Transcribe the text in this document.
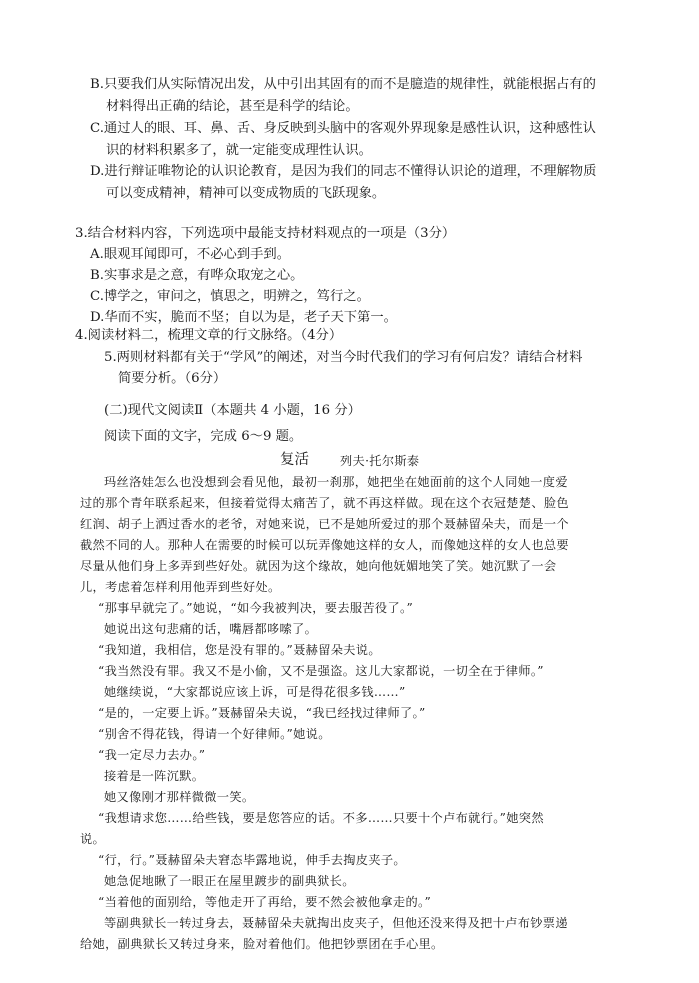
B.只要我们从实际情况出发，从中引出其固有的而不是臆造的规律性，就能根据占有的
材料得出正确的结论，甚至是科学的结论。
C.通过人的眼、耳、鼻、舌、身反映到头脑中的客观外界现象是感性认识，这种感性认
识的材料积累多了，就一定能变成理性认识。
D.进行辩证唯物论的认识论教育，是因为我们的同志不懂得认识论的道理，不理解物质
可以变成精神，精神可以变成物质的飞跃现象。
3.结合材料内容，下列选项中最能支持材料观点的一项是（3分）
A.眼观耳闻即可，不必心到手到。
B.实事求是之意，有哗众取宠之心。
C.博学之，审问之，慎思之，明辨之，笃行之。
D.华而不实，脆而不坚；自以为是，老子天下第一。
4.阅读材料二，梳理文章的行文脉络。（4分）
5.两则材料都有关于“学风”的阐述，对当今时代我们的学习有何启发？请结合材料
简要分析。（6分）
(二)现代文阅读Ⅱ（本题共 4 小题，16 分）
阅读下面的文字，完成 6～9 题。
复活	列夫·托尔斯泰
玛丝洛娃怎么也没想到会看见他，最初一刹那，她把坐在她面前的这个人同她一度爱
过的那个青年联系起来，但接着觉得太痛苦了，就不再这样做。现在这个衣冠楚楚、脸色
红润、胡子上洒过香水的老爷，对她来说，已不是她所爱过的那个聂赫留朵夫，而是一个
截然不同的人。那种人在需要的时候可以玩弄像她这样的女人，而像她这样的女人也总要
尽量从他们身上多弄到些好处。就因为这个缘故，她向他妩媚地笑了笑。她沉默了一会
儿，考虑着怎样利用他弄到些好处。
“那事早就完了。”她说，“如今我被判决，要去服苦役了。”
她说出这句悲痛的话，嘴唇都哆嗦了。
“我知道，我相信，您是没有罪的。”聂赫留朵夫说。
“我当然没有罪。我又不是小偷，又不是强盗。这儿大家都说，一切全在于律师。”
她继续说，“大家都说应该上诉，可是得花很多钱……”
“是的，一定要上诉。”聂赫留朵夫说，“我已经找过律师了。”
“别舍不得花钱，得请一个好律师。”她说。
“我一定尽力去办。”
接着是一阵沉默。
她又像刚才那样微微一笑。
“我想请求您……给些钱，要是您答应的话。不多……只要十个卢布就行。”她突然
说。
“行，行。”聂赫留朵夫窘态毕露地说，伸手去掏皮夹子。
她急促地瞅了一眼正在屋里踱步的副典狱长。
“当着他的面别给，等他走开了再给，要不然会被他拿走的。”
等副典狱长一转过身去，聂赫留朵夫就掏出皮夹子，但他还没来得及把十卢布钞票递
给她，副典狱长又转过身来，脸对着他们。他把钞票团在手心里。
